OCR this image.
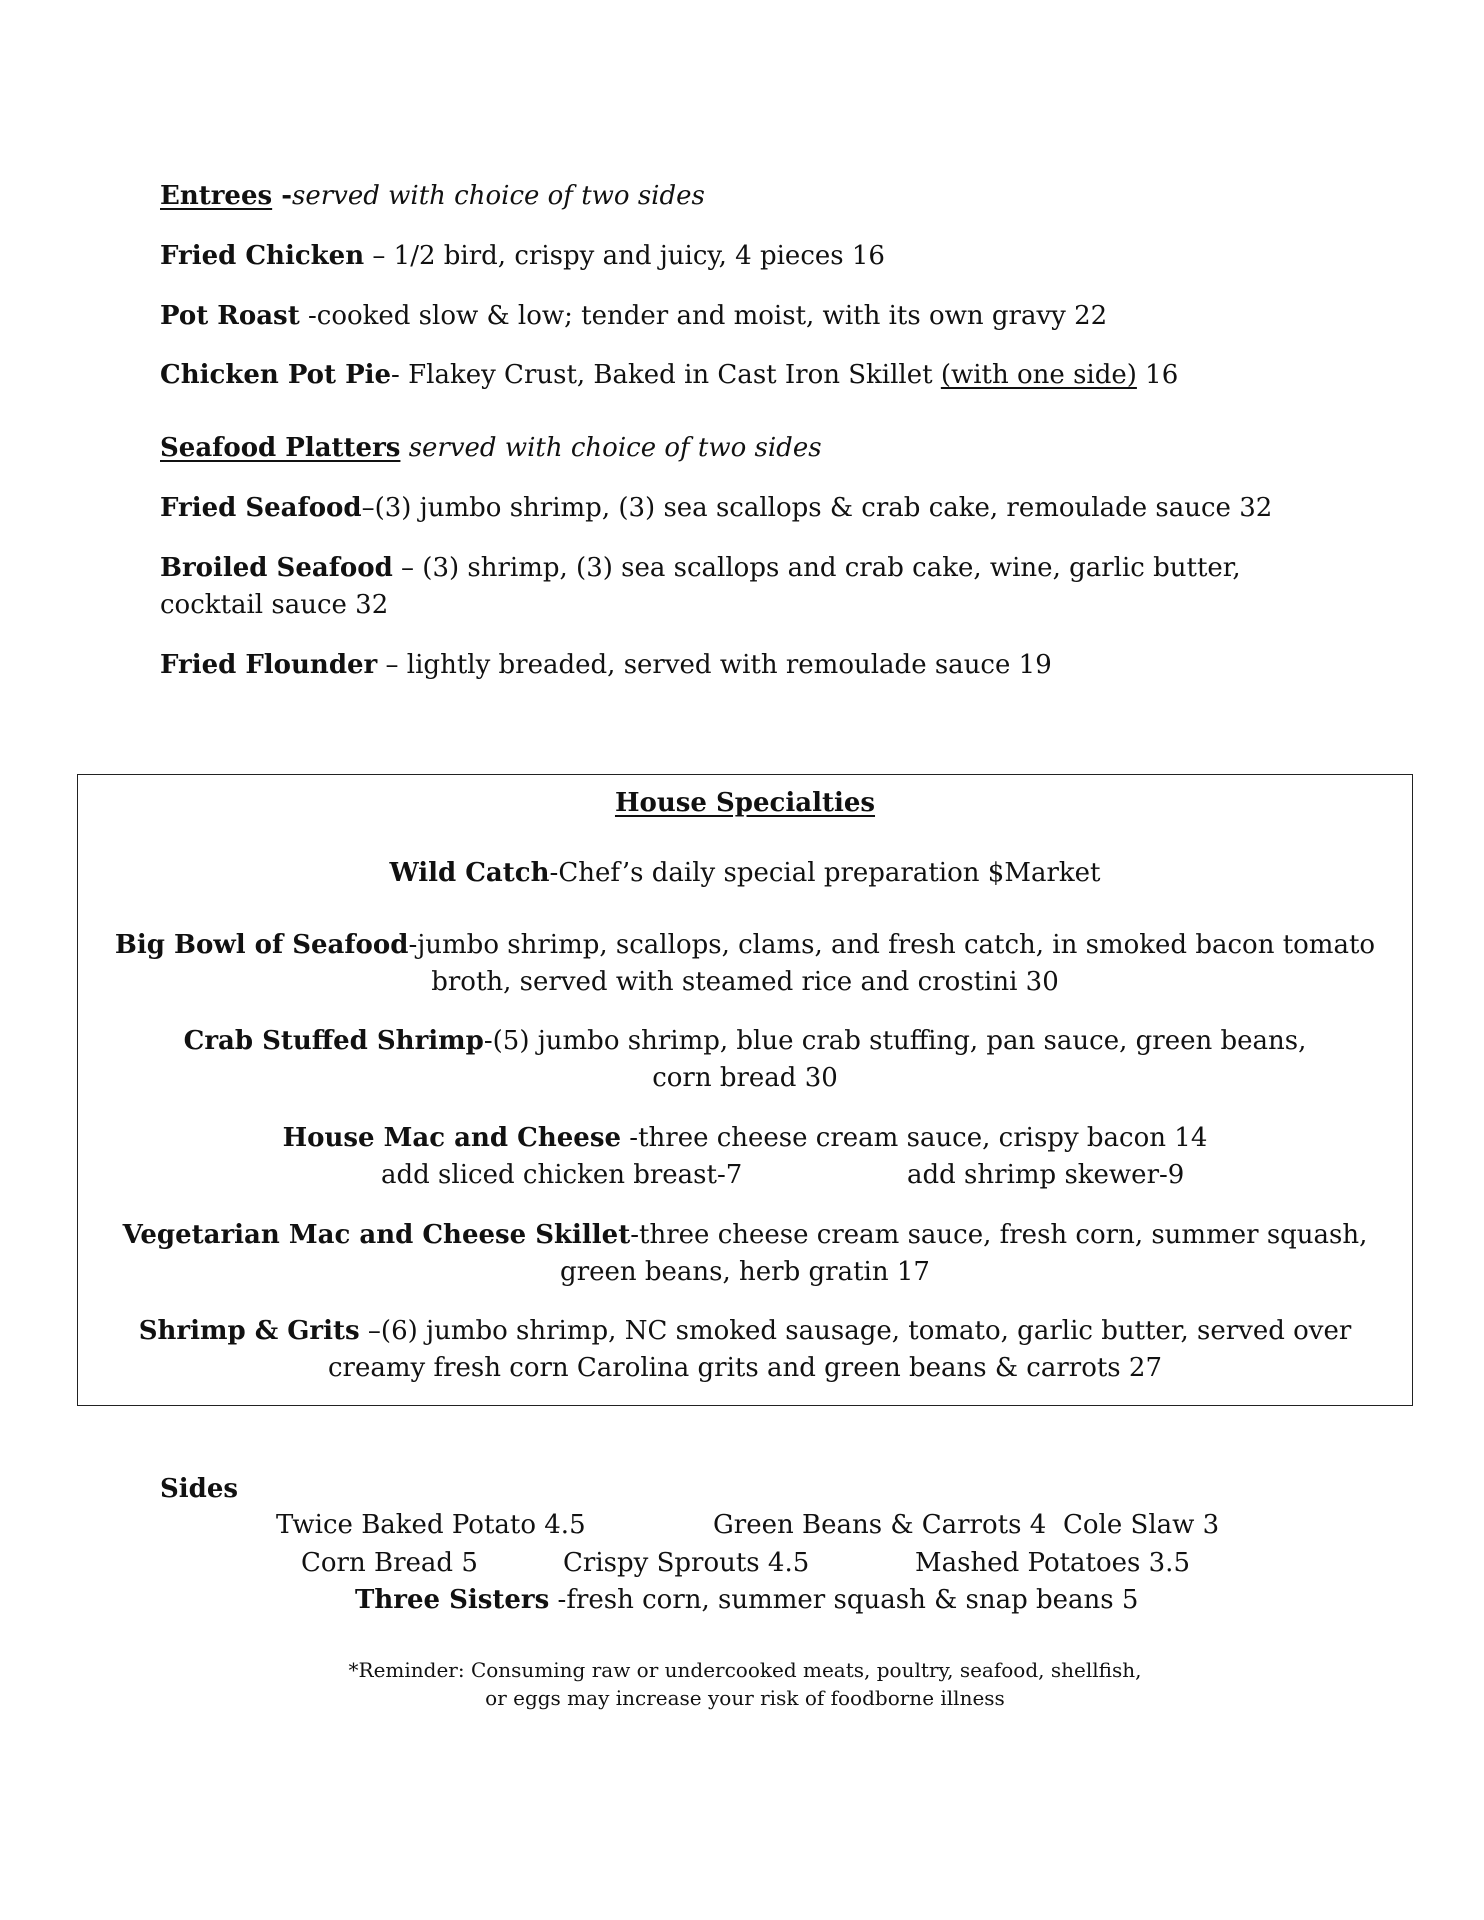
Entrees -served with choice of two sides
Fried Chicken – 1/2 bird, crispy and juicy, 4 pieces 16
Pot Roast -cooked slow & low; tender and moist, with its own gravy 22
Chicken Pot Pie- Flakey Crust, Baked in Cast Iron Skillet (with one side) 16
Seafood Platters served with choice of two sides
Fried Seafood–(3) jumbo shrimp, (3) sea scallops & crab cake, remoulade sauce 32
Broiled Seafood – (3) shrimp, (3) sea scallops and crab cake, wine, garlic butter,
cocktail sauce 32
Fried Flounder – lightly breaded, served with remoulade sauce 19
House Specialties
Wild Catch-Chef’s daily special preparation $Market
Big Bowl of Seafood-jumbo shrimp, scallops, clams, and fresh catch, in smoked bacon tomato
broth, served with steamed rice and crostini 30
Crab Stuffed Shrimp-(5) jumbo shrimp, blue crab stuffing, pan sauce, green beans,
corn bread 30
House Mac and Cheese -three cheese cream sauce, crispy bacon 14
add sliced chicken breast-7	add shrimp skewer-9
Vegetarian Mac and Cheese Skillet-three cheese cream sauce, fresh corn, summer squash,
green beans, herb gratin 17
Shrimp & Grits –(6) jumbo shrimp, NC smoked sausage, tomato, garlic butter, served over
creamy fresh corn Carolina grits and green beans & carrots 27
Sides
Twice Baked Potato 4.5	Green Beans & Carrots 4 Cole Slaw 3
Corn Bread 5	Crispy Sprouts 4.5	Mashed Potatoes 3.5
Three Sisters -fresh corn, summer squash & snap beans 5
*Reminder: Consuming raw or undercooked meats, poultry, seafood, shellfish,
or eggs may increase your risk of foodborne illness
